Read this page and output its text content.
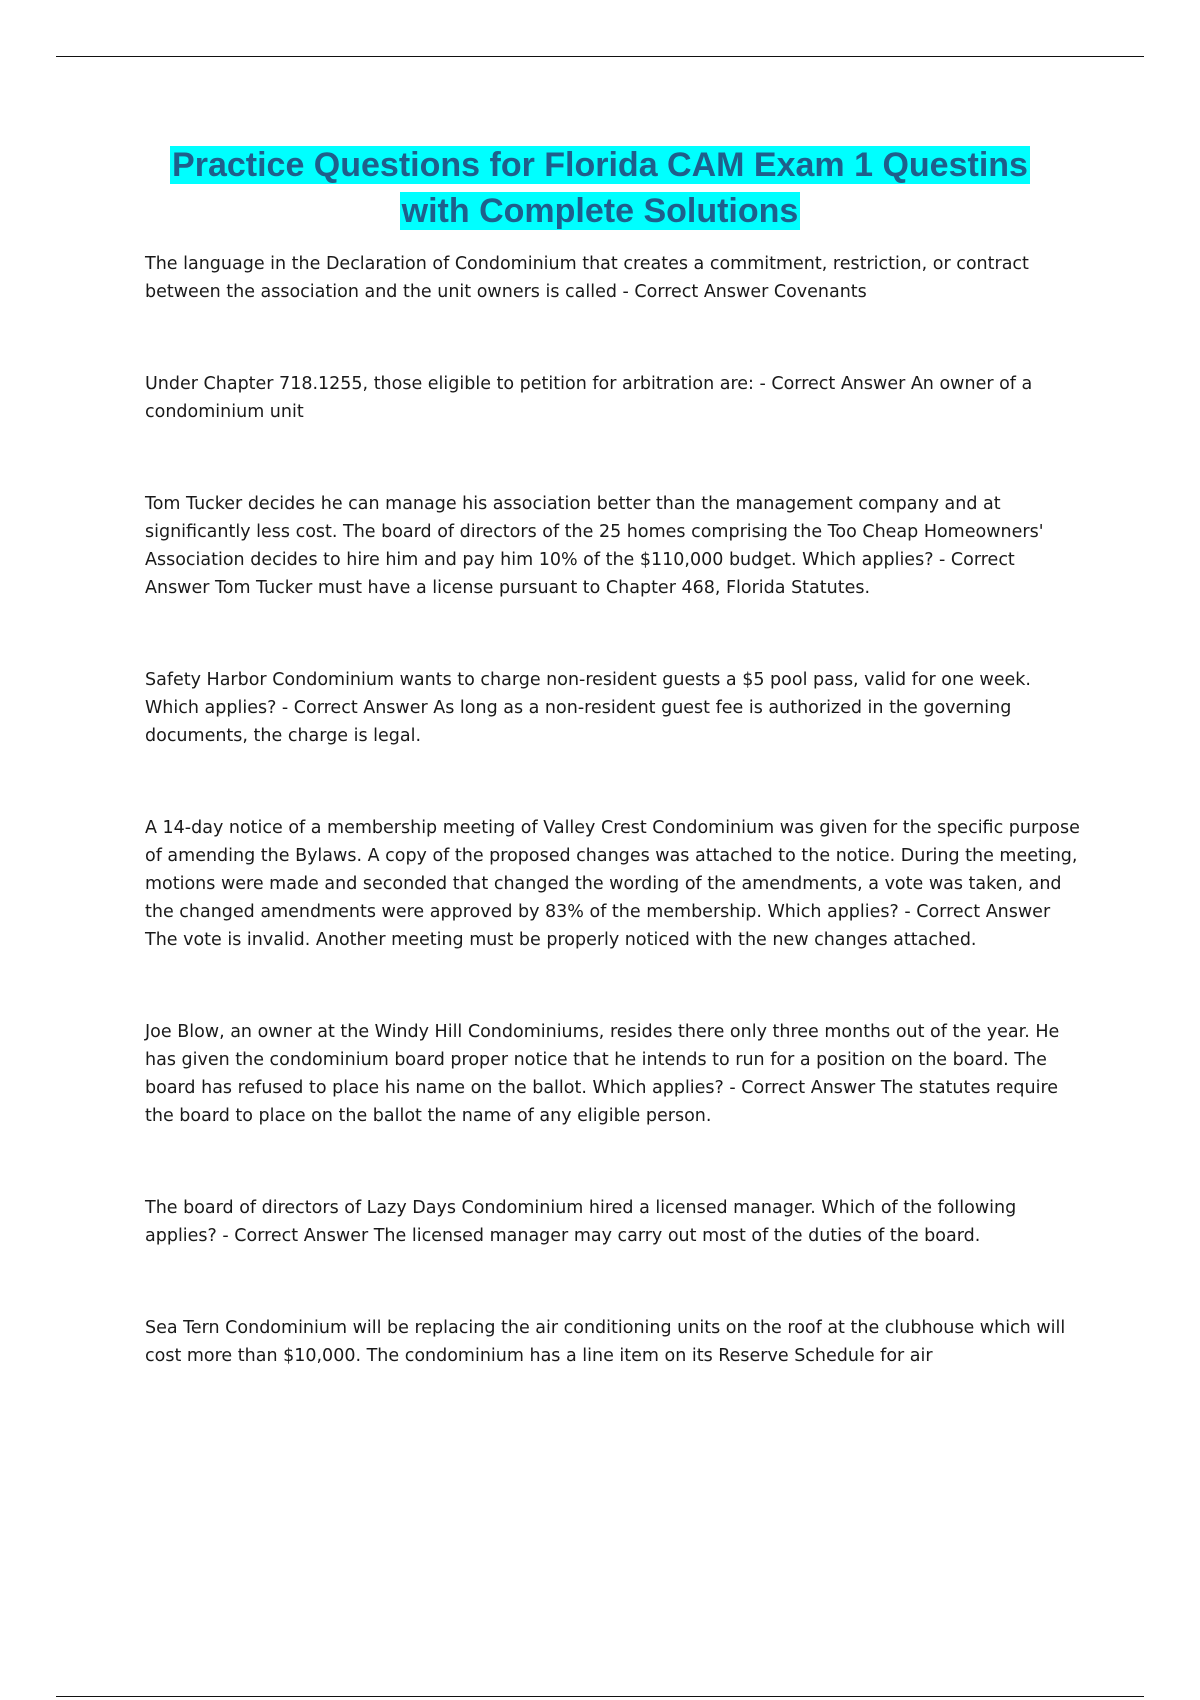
Practice Questions for Florida CAM Exam 1 Questins
with Complete Solutions

The language in the Declaration of Condominium that creates a commitment, restriction, or contract between the association and the unit owners is called - Correct Answer Covenants

Under Chapter 718.1255, those eligible to petition for arbitration are: - Correct Answer An owner of a condominium unit

Tom Tucker decides he can manage his association better than the management company and at significantly less cost. The board of directors of the 25 homes comprising the Too Cheap Homeowners' Association decides to hire him and pay him 10% of the $110,000 budget. Which applies? - Correct Answer Tom Tucker must have a license pursuant to Chapter 468, Florida Statutes.

Safety Harbor Condominium wants to charge non-resident guests a $5 pool pass, valid for one week. Which applies? - Correct Answer As long as a non-resident guest fee is authorized in the governing documents, the charge is legal.

A 14-day notice of a membership meeting of Valley Crest Condominium was given for the specific purpose of amending the Bylaws. A copy of the proposed changes was attached to the notice. During the meeting, motions were made and seconded that changed the wording of the amendments, a vote was taken, and the changed amendments were approved by 83% of the membership. Which applies? - Correct Answer The vote is invalid. Another meeting must be properly noticed with the new changes attached.

Joe Blow, an owner at the Windy Hill Condominiums, resides there only three months out of the year. He has given the condominium board proper notice that he intends to run for a position on the board. The board has refused to place his name on the ballot. Which applies? - Correct Answer The statutes require the board to place on the ballot the name of any eligible person.

The board of directors of Lazy Days Condominium hired a licensed manager. Which of the following applies? - Correct Answer The licensed manager may carry out most of the duties of the board.

Sea Tern Condominium will be replacing the air conditioning units on the roof at the clubhouse which will cost more than $10,000. The condominium has a line item on its Reserve Schedule for air
